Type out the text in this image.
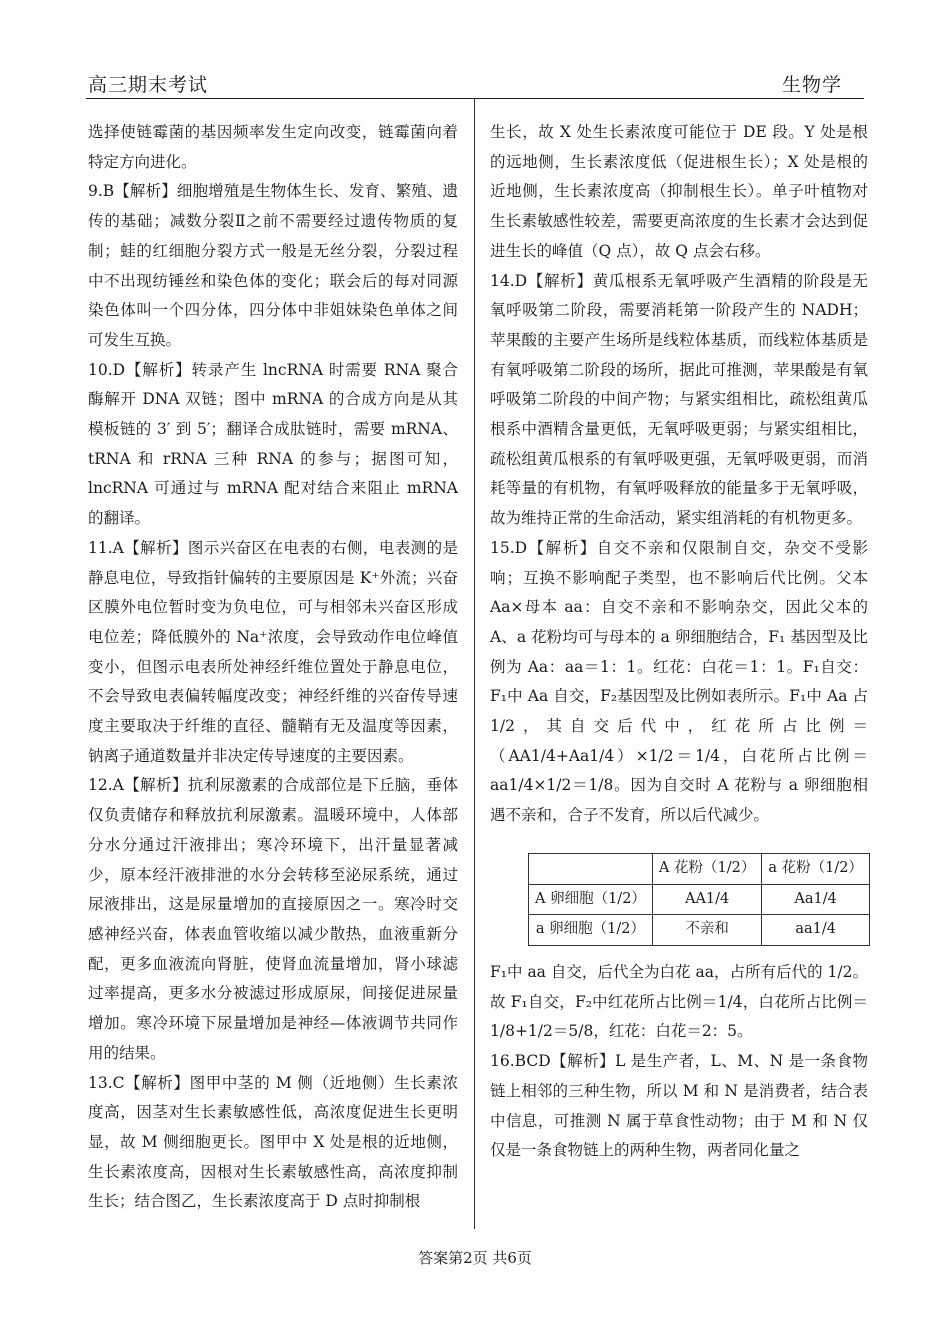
高三期末考试	生物学

选择使链霉菌的基因频率发生定向改变，链霉菌向着特定方向进化。

9.B【解析】细胞增殖是生物体生长、发育、繁殖、遗传的基础；减数分裂Ⅱ之前不需要经过遗传物质的复制；蛙的红细胞分裂方式一般是无丝分裂，分裂过程中不出现纺锤丝和染色体的变化；联会后的每对同源染色体叫一个四分体，四分体中非姐妹染色单体之间可发生互换。

10.D【解析】转录产生 lncRNA 时需要 RNA 聚合酶解开 DNA 双链；图中 mRNA 的合成方向是从其模板链的 3′ 到 5′；翻译合成肽链时，需要 mRNA、tRNA 和 rRNA 三种 RNA 的参与；据图可知，lncRNA 可通过与 mRNA 配对结合来阻止 mRNA 的翻译。

11.A【解析】图示兴奋区在电表的右侧，电表测的是静息电位，导致指针偏转的主要原因是 K⁺外流；兴奋区膜外电位暂时变为负电位，可与相邻未兴奋区形成电位差；降低膜外的 Na⁺浓度，会导致动作电位峰值变小，但图示电表所处神经纤维位置处于静息电位，不会导致电表偏转幅度改变；神经纤维的兴奋传导速度主要取决于纤维的直径、髓鞘有无及温度等因素，钠离子通道数量并非决定传导速度的主要因素。

12.A【解析】抗利尿激素的合成部位是下丘脑，垂体仅负责储存和释放抗利尿激素。温暖环境中，人体部分水分通过汗液排出；寒冷环境下，出汗量显著减少，原本经汗液排泄的水分会转移至泌尿系统，通过尿液排出，这是尿量增加的直接原因之一。寒冷时交感神经兴奋，体表血管收缩以减少散热，血液重新分配，更多血液流向肾脏，使肾血流量增加，肾小球滤过率提高，更多水分被滤过形成原尿，间接促进尿量增加。寒冷环境下尿量增加是神经—体液调节共同作用的结果。

13.C【解析】图甲中茎的 M 侧（近地侧）生长素浓度高，因茎对生长素敏感性低，高浓度促进生长更明显，故 M 侧细胞更长。图甲中 X 处是根的近地侧，生长素浓度高，因根对生长素敏感性高，高浓度抑制生长；结合图乙，生长素浓度高于 D 点时抑制根

生长，故 X 处生长素浓度可能位于 DE 段。Y 处是根的远地侧，生长素浓度低（促进根生长）；X 处是根的近地侧，生长素浓度高（抑制根生长）。单子叶植物对生长素敏感性较差，需要更高浓度的生长素才会达到促进生长的峰值（Q 点），故 Q 点会右移。

14.D【解析】黄瓜根系无氧呼吸产生酒精的阶段是无氧呼吸第二阶段，需要消耗第一阶段产生的 NADH；苹果酸的主要产生场所是线粒体基质，而线粒体基质是有氧呼吸第二阶段的场所，据此可推测，苹果酸是有氧呼吸第二阶段的中间产物；与紧实组相比，疏松组黄瓜根系中酒精含量更低，无氧呼吸更弱；与紧实组相比，疏松组黄瓜根系的有氧呼吸更强，无氧呼吸更弱，而消耗等量的有机物，有氧呼吸释放的能量多于无氧呼吸，故为维持正常的生命活动，紧实组消耗的有机物更多。

15.D【解析】自交不亲和仅限制自交，杂交不受影响；互换不影响配子类型，也不影响后代比例。父本 Aa×母本 aa：自交不亲和不影响杂交，因此父本的 A、a 花粉均可与母本的 a 卵细胞结合，F₁ 基因型及比例为 Aa：aa＝1：1。红花：白花＝1：1。F₁自交：F₁中 Aa 自交，F₂基因型及比例如表所示。F₁中 Aa 占 1/2，其自交后代中，红花所占比例＝（AA1/4+Aa1/4）×1/2＝1/4，白花所占比例＝aa1/4×1/2＝1/8。因为自交时 A 花粉与 a 卵细胞相遇不亲和，合子不发育，所以后代减少。

	A 花粉（1/2）	a 花粉（1/2）
A 卵细胞（1/2）	AA1/4	Aa1/4
a 卵细胞（1/2）	不亲和	aa1/4

F₁中 aa 自交，后代全为白花 aa，占所有后代的 1/2。故 F₁自交，F₂中红花所占比例＝1/4，白花所占比例＝1/8+1/2＝5/8，红花：白花＝2：5。

16.BCD【解析】L 是生产者，L、M、N 是一条食物链上相邻的三种生物，所以 M 和 N 是消费者，结合表中信息，可推测 N 属于草食性动物；由于 M 和 N 仅仅是一条食物链上的两种生物，两者同化量之

答案第2页 共6页
